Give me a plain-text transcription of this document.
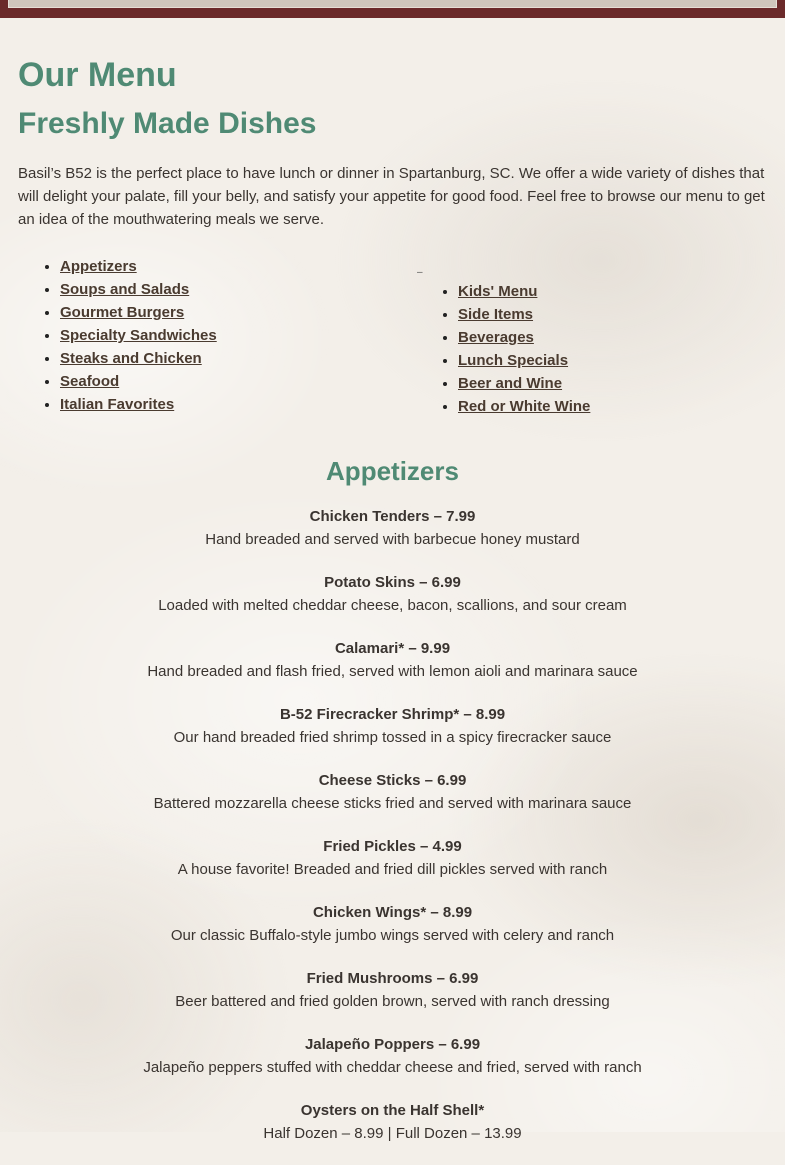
Our Menu
Freshly Made Dishes

Basil’s B52 is the perfect place to have lunch or dinner in Spartanburg, SC. We offer a wide variety of dishes that will delight your palate, fill your belly, and satisfy your appetite for good food. Feel free to browse our menu to get an idea of the mouthwatering meals we serve.

• Appetizers
• Soups and Salads
• Gourmet Burgers
• Specialty Sandwiches
• Steaks and Chicken
• Seafood
• Italian Favorites
–
• Kids' Menu
• Side Items
• Beverages
• Lunch Specials
• Beer and Wine
• Red or White Wine
Appetizers
Chicken Tenders – 7.99
Hand breaded and served with barbecue honey mustard
Potato Skins – 6.99
Loaded with melted cheddar cheese, bacon, scallions, and sour cream
Calamari* – 9.99
Hand breaded and flash fried, served with lemon aioli and marinara sauce
B-52 Firecracker Shrimp* – 8.99
Our hand breaded fried shrimp tossed in a spicy firecracker sauce
Cheese Sticks – 6.99
Battered mozzarella cheese sticks fried and served with marinara sauce
Fried Pickles – 4.99
A house favorite! Breaded and fried dill pickles served with ranch
Chicken Wings* – 8.99
Our classic Buffalo-style jumbo wings served with celery and ranch
Fried Mushrooms – 6.99
Beer battered and fried golden brown, served with ranch dressing
Jalapeño Poppers – 6.99
Jalapeño peppers stuffed with cheddar cheese and fried, served with ranch
Oysters on the Half Shell*
Half Dozen – 8.99 | Full Dozen – 13.99
